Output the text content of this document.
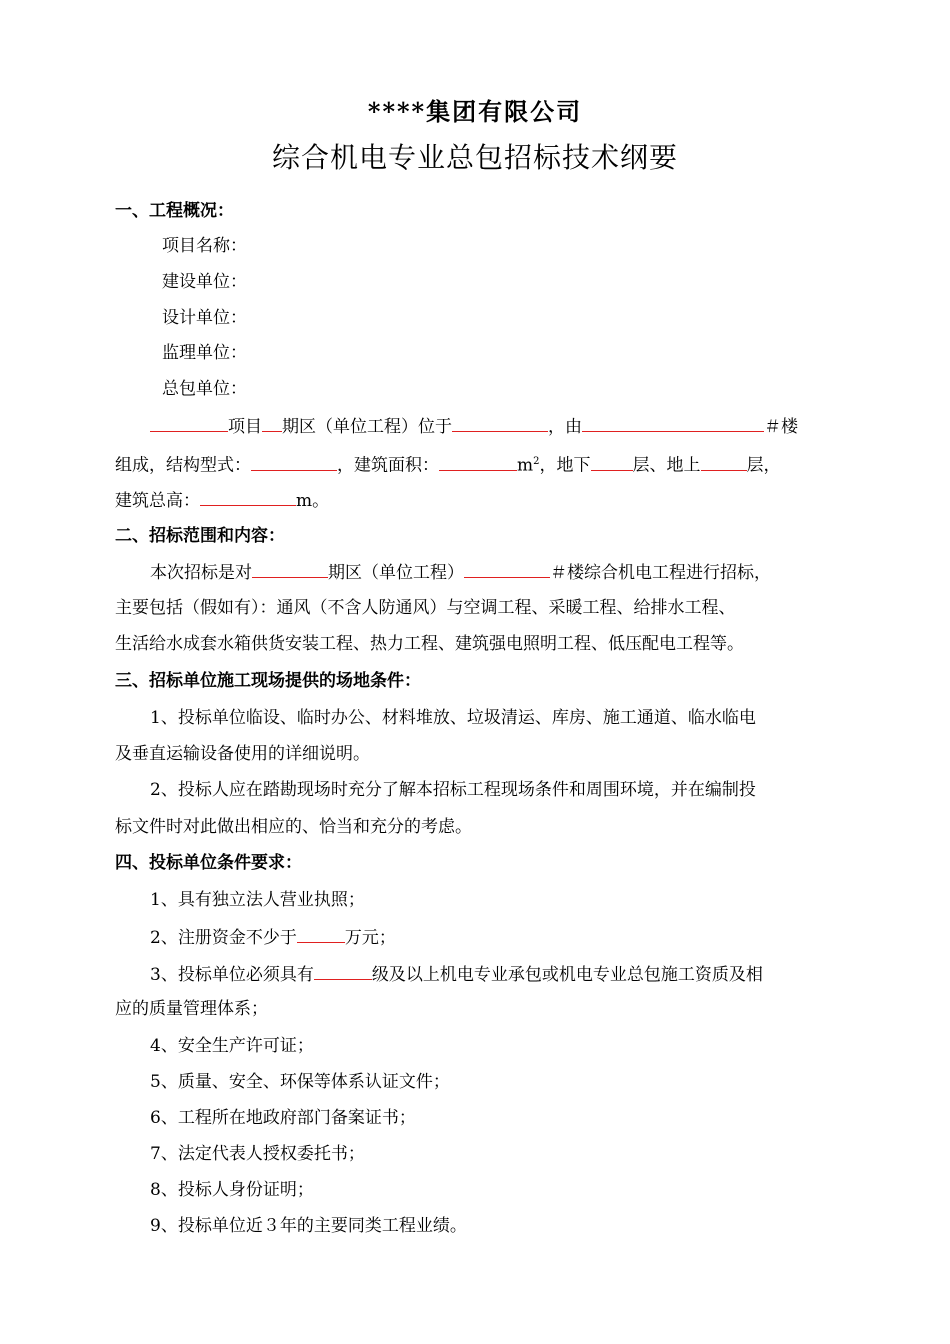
****集团有限公司
综合机电专业总包招标技术纲要
一、工程概况：
项目名称：
建设单位：
设计单位：
监理单位：
总包单位：
项目 期区（单位工程）位于	，由	＃楼
组成，结构型式：	，建筑面积：	$m^2$，地下 层、地上	层，
建筑总高：	m。
二、招标范围和内容：
本次招标是对	期区（单位工程）	＃楼综合机电工程进行招标，
主要包括（假如有）：通风（不含人防通风）与空调工程、采暖工程、给排水工程、
生活给水成套水箱供货安装工程、热力工程、建筑强电照明工程、低压配电工程等。
三、招标单位施工现场提供的场地条件：
1、投标单位临设、临时办公、材料堆放、垃圾清运、库房、施工通道、临水临电
及垂直运输设备使用的详细说明。
2、投标人应在踏勘现场时充分了解本招标工程现场条件和周围环境，并在编制投
标文件时对此做出相应的、恰当和充分的考虑。
四、投标单位条件要求：
1、具有独立法人营业执照；
2、注册资金不少于	万元；
3、投标单位必须具有	级及以上机电专业承包或机电专业总包施工资质及相
应的质量管理体系；
4、安全生产许可证；
5、质量、安全、环保等体系认证文件；
6、工程所在地政府部门备案证书；
7、法定代表人授权委托书；
8、投标人身份证明；
9、投标单位近３年的主要同类工程业绩。
